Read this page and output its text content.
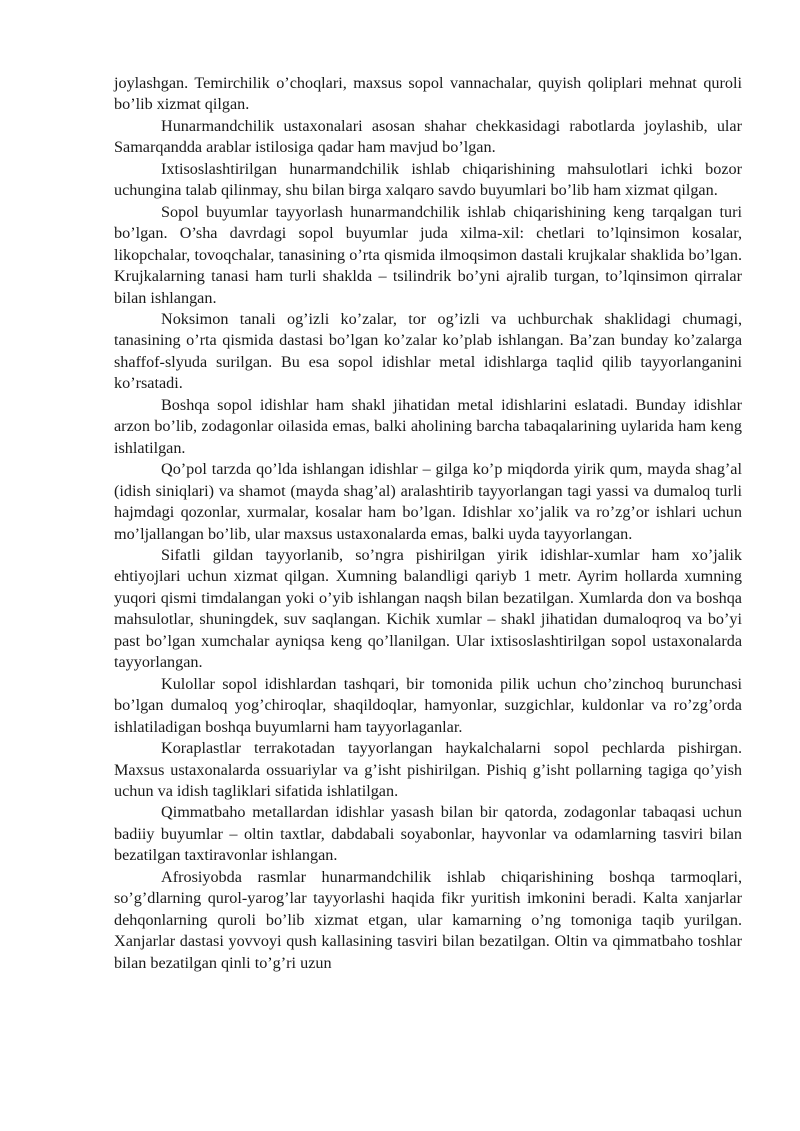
joylashgan. Temirchilik o’choqlari, maxsus sopol vannachalar, quyish qoliplari mehnat quroli bo’lib xizmat qilgan.

Hunarmandchilik ustaxonalari asosan shahar chekkasidagi rabotlarda joylashib, ular Samarqandda arablar istilosiga qadar ham mavjud bo’lgan.

Ixtisoslashtirilgan hunarmandchilik ishlab chiqarishining mahsulotlari ichki bozor uchungina talab qilinmay, shu bilan birga xalqaro savdo buyumlari bo’lib ham xizmat qilgan.

Sopol buyumlar tayyorlash hunarmandchilik ishlab chiqarishining keng tarqalgan turi bo’lgan. O’sha davrdagi sopol buyumlar juda xilma-xil: chetlari to’lqinsimon kosalar, likopchalar, tovoqchalar, tanasining o’rta qismida ilmoqsimon dastali krujkalar shaklida bo’lgan. Krujkalarning tanasi ham turli shaklda – tsilindrik bo’yni ajralib turgan, to’lqinsimon qirralar bilan ishlangan.

Noksimon tanali og’izli ko’zalar, tor og’izli va uchburchak shaklidagi chumagi, tanasining o’rta qismida dastasi bo’lgan ko’zalar ko’plab ishlangan. Ba’zan bunday ko’zalarga shaffof-slyuda surilgan. Bu esa sopol idishlar metal idishlarga taqlid qilib tayyorlanganini ko’rsatadi.

Boshqa sopol idishlar ham shakl jihatidan metal idishlarini eslatadi. Bunday idishlar arzon bo’lib, zodagonlar oilasida emas, balki aholining barcha tabaqalarining uylarida ham keng ishlatilgan.

Qo’pol tarzda qo’lda ishlangan idishlar – gilga ko’p miqdorda yirik qum, mayda shag’al (idish siniqlari) va shamot (mayda shag’al) aralashtirib tayyorlangan tagi yassi va dumaloq turli hajmdagi qozonlar, xurmalar, kosalar ham bo’lgan. Idishlar xo’jalik va ro’zg’or ishlari uchun mo’ljallangan bo’lib, ular maxsus ustaxonalarda emas, balki uyda tayyorlangan.

Sifatli gildan tayyorlanib, so’ngra pishirilgan yirik idishlar-xumlar ham xo’jalik ehtiyojlari uchun xizmat qilgan. Xumning balandligi qariyb 1 metr. Ayrim hollarda xumning yuqori qismi timdalangan yoki o’yib ishlangan naqsh bilan bezatilgan. Xumlarda don va boshqa mahsulotlar, shuningdek, suv saqlangan. Kichik xumlar – shakl jihatidan dumaloqroq va bo’yi past bo’lgan xumchalar ayniqsa keng qo’llanilgan. Ular ixtisoslashtirilgan sopol ustaxonalarda tayyorlangan.

Kulollar sopol idishlardan tashqari, bir tomonida pilik uchun cho’zinchoq burunchasi bo’lgan dumaloq yog’chiroqlar, shaqildoqlar, hamyonlar, suzgichlar, kuldonlar va ro’zg’orda ishlatiladigan boshqa buyumlarni ham tayyorlaganlar.

Koraplastlar terrakotadan tayyorlangan haykalchalarni sopol pechlarda pishirgan. Maxsus ustaxonalarda ossuariylar va g’isht pishirilgan. Pishiq g’isht pollarning tagiga qo’yish uchun va idish tagliklari sifatida ishlatilgan.

Qimmatbaho metallardan idishlar yasash bilan bir qatorda, zodagonlar tabaqasi uchun badiiy buyumlar – oltin taxtlar, dabdabali soyabonlar, hayvonlar va odamlarning tasviri bilan bezatilgan taxtiravonlar ishlangan.

Afrosiyobda rasmlar hunarmandchilik ishlab chiqarishining boshqa tarmoqlari, so’g’dlarning qurol-yarog’lar tayyorlashi haqida fikr yuritish imkonini beradi. Kalta xanjarlar dehqonlarning quroli bo’lib xizmat etgan, ular kamarning o’ng tomoniga taqib yurilgan. Xanjarlar dastasi yovvoyi qush kallasining tasviri bilan bezatilgan. Oltin va qimmatbaho toshlar bilan bezatilgan qinli to’g’ri uzun
